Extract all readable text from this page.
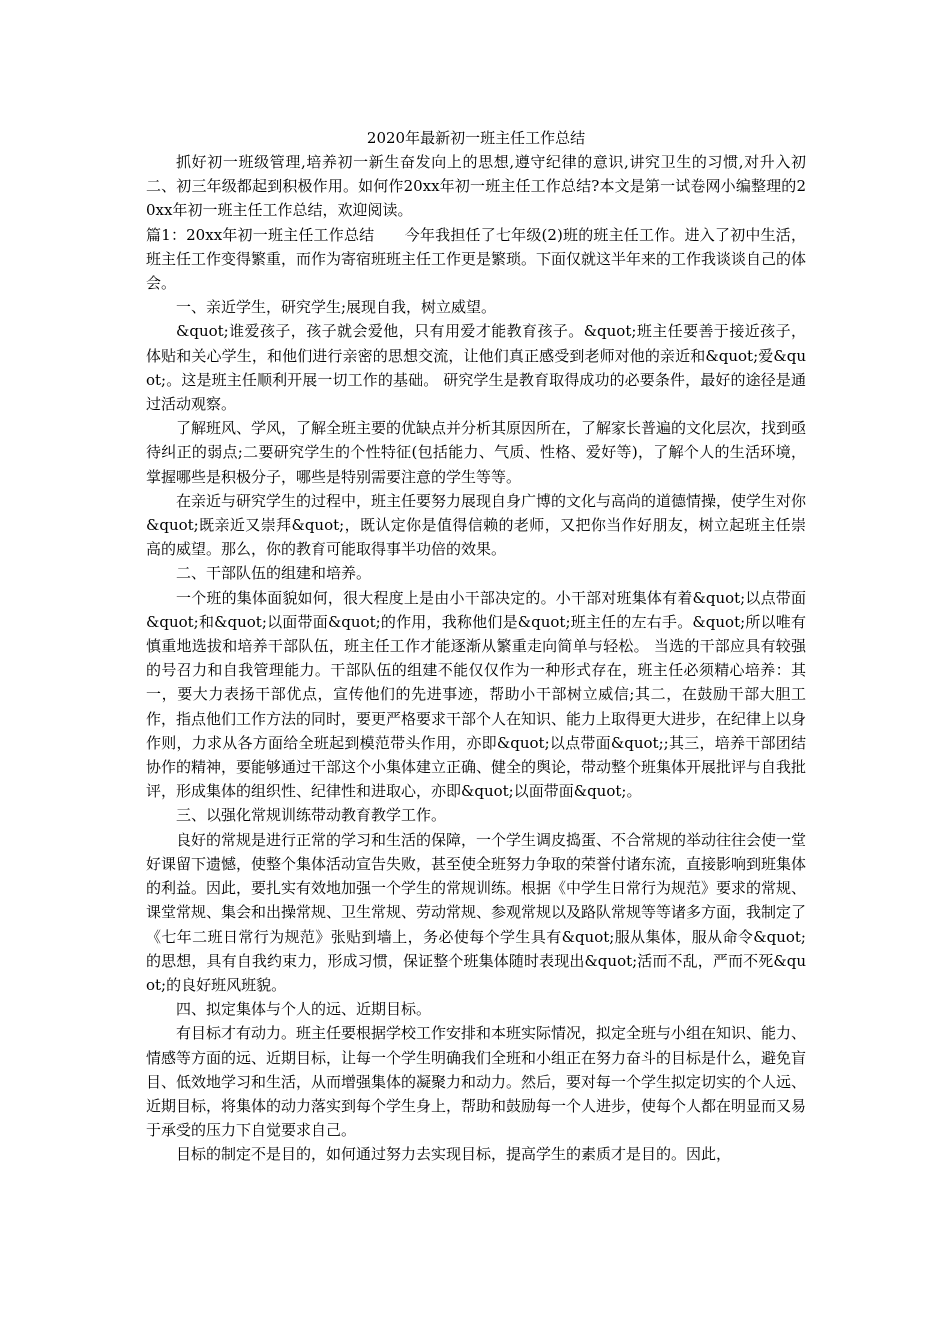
2020年最新初一班主任工作总结

抓好初一班级管理,培养初一新生奋发向上的思想,遵守纪律的意识,讲究卫生的习惯,对升入初二、初三年级都起到积极作用。如何作20xx年初一班主任工作总结?本文是第一试卷网小编整理的20xx年初一班主任工作总结，欢迎阅读。

篇1：20xx年初一班主任工作总结　　今年我担任了七年级(2)班的班主任工作。进入了初中生活，班主任工作变得繁重，而作为寄宿班班主任工作更是繁琐。下面仅就这半年来的工作我谈谈自己的体会。

一、亲近学生，研究学生;展现自我，树立威望。

&quot;谁爱孩子，孩子就会爱他，只有用爱才能教育孩子。&quot;班主任要善于接近孩子，体贴和关心学生，和他们进行亲密的思想交流，让他们真正感受到老师对他的亲近和&quot;爱&quot;。这是班主任顺利开展一切工作的基础。 研究学生是教育取得成功的必要条件，最好的途径是通过活动观察。

了解班风、学风，了解全班主要的优缺点并分析其原因所在，了解家长普遍的文化层次，找到亟待纠正的弱点;二要研究学生的个性特征(包括能力、气质、性格、爱好等)，了解个人的生活环境，掌握哪些是积极分子，哪些是特别需要注意的学生等等。

在亲近与研究学生的过程中，班主任要努力展现自身广博的文化与高尚的道德情操，使学生对你&quot;既亲近又崇拜&quot;，既认定你是值得信赖的老师，又把你当作好朋友，树立起班主任崇高的威望。那么，你的教育可能取得事半功倍的效果。

二、干部队伍的组建和培养。

一个班的集体面貌如何，很大程度上是由小干部决定的。小干部对班集体有着&quot;以点带面&quot;和&quot;以面带面&quot;的作用，我称他们是&quot;班主任的左右手。&quot;所以唯有慎重地选拔和培养干部队伍，班主任工作才能逐渐从繁重走向简单与轻松。 当选的干部应具有较强的号召力和自我管理能力。干部队伍的组建不能仅仅作为一种形式存在，班主任必须精心培养：其一，要大力表扬干部优点，宣传他们的先进事迹，帮助小干部树立威信;其二，在鼓励干部大胆工作，指点他们工作方法的同时，要更严格要求干部个人在知识、能力上取得更大进步，在纪律上以身作则，力求从各方面给全班起到模范带头作用，亦即&quot;以点带面&quot;;其三，培养干部团结协作的精神，要能够通过干部这个小集体建立正确、健全的舆论，带动整个班集体开展批评与自我批评，形成集体的组织性、纪律性和进取心，亦即&quot;以面带面&quot;。

三、以强化常规训练带动教育教学工作。

良好的常规是进行正常的学习和生活的保障，一个学生调皮捣蛋、不合常规的举动往往会使一堂好课留下遗憾，使整个集体活动宣告失败，甚至使全班努力争取的荣誉付诸东流，直接影响到班集体的利益。因此，要扎实有效地加强一个学生的常规训练。根据《中学生日常行为规范》要求的常规、课堂常规、集会和出操常规、卫生常规、劳动常规、参观常规以及路队常规等等诸多方面，我制定了《七年二班日常行为规范》张贴到墙上，务必使每个学生具有&quot;服从集体，服从命令&quot;的思想，具有自我约束力，形成习惯，保证整个班集体随时表现出&quot;活而不乱，严而不死&quot;的良好班风班貌。

四、拟定集体与个人的远、近期目标。

有目标才有动力。班主任要根据学校工作安排和本班实际情况，拟定全班与小组在知识、能力、情感等方面的远、近期目标，让每一个学生明确我们全班和小组正在努力奋斗的目标是什么，避免盲目、低效地学习和生活，从而增强集体的凝聚力和动力。然后，要对每一个学生拟定切实的个人远、近期目标，将集体的动力落实到每个学生身上，帮助和鼓励每一个人进步，使每个人都在明显而又易于承受的压力下自觉要求自己。

目标的制定不是目的，如何通过努力去实现目标，提高学生的素质才是目的。因此，
